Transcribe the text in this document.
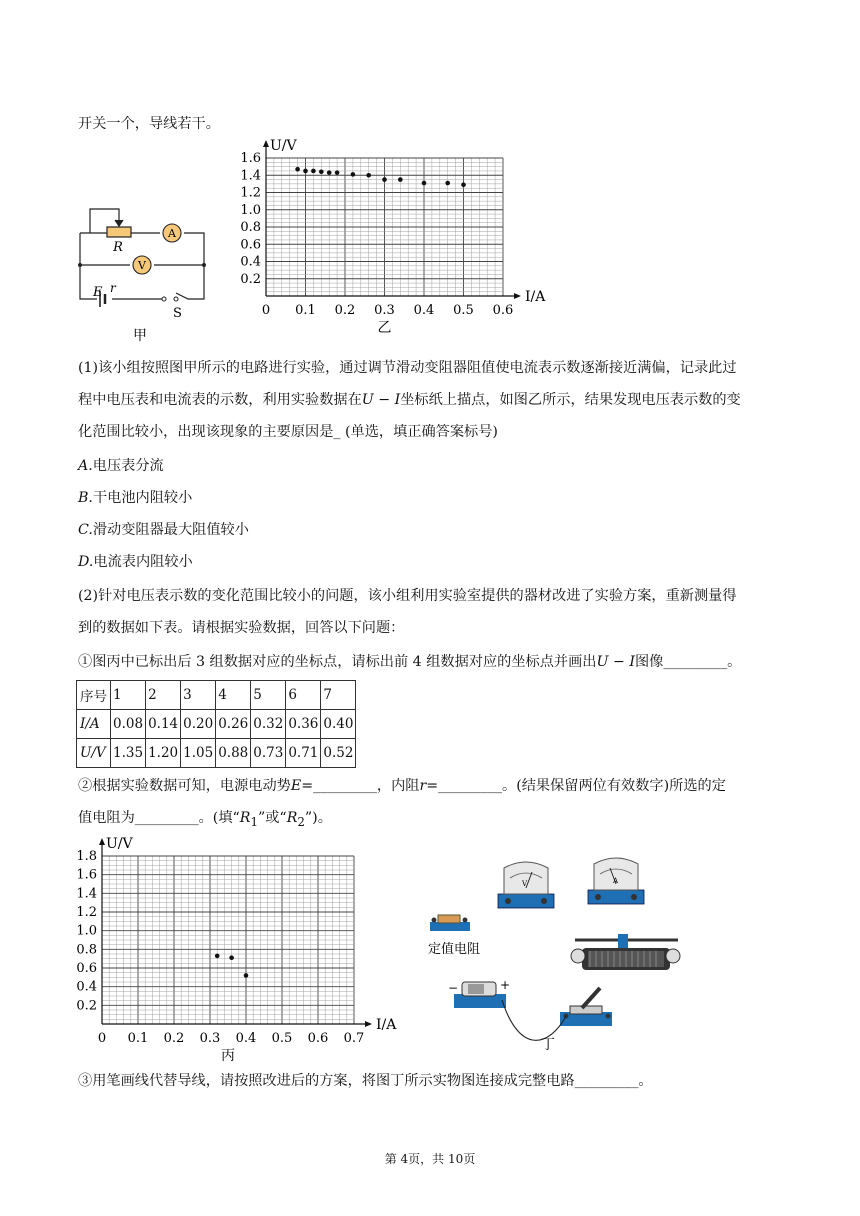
开关一个，导线若干。
A
V
R
E r
S
甲
0 0.1 0.2 0.3 0.4 0.5 0.6
0.2
0.4
0.6
0.8
1.0
1.2
1.4
1.6
I/A
U/V
乙
(1)该小组按照图甲所示的电路进行实验，通过调节滑动变阻器阻值使电流表示数逐渐接近满偏，记录此过
程中电压表和电流表的示数，利用实验数据在U − I坐标纸上描点，如图乙所示，结果发现电压表示数的变
化范围比较小，出现该现象的主要原因是_ (单选，填正确答案标号)
A.电压表分流
B.干电池内阻较小
C.滑动变阻器最大阻值较小
D.电流表内阻较小
(2)针对电压表示数的变化范围比较小的问题，该小组利用实验室提供的器材改进了实验方案，重新测量得
到的数据如下表。请根据实验数据，回答以下问题：
①图丙中已标出后 3 组数据对应的坐标点，请标出前 4 组数据对应的坐标点并画出U − I图像_________。
序号	1	2	3	4	5	6	7
I/A	0.08	0.14	0.20	0.26	0.32	0.36	0.40
U/V	1.35	1.20	1.05	0.88	0.73	0.71	0.52
②根据实验数据可知，电源电动势E=_________，内阻r=_________。(结果保留两位有效数字)所选的定
值电阻为_________。(填“$R_1$”或“$R_2$”)。
0 0.1 0.2 0.3 0.4 0.5 0.6 0.7
0.2
0.4
0.6
0.8
1.0
1.2
1.4
1.6
1.8
I/A
U/V
丙
V	A
定值电阻
−	+
丁
③用笔画线代替导线，请按照改进后的方案，将图丁所示实物图连接成完整电路_________。
第 4页，共 10页
